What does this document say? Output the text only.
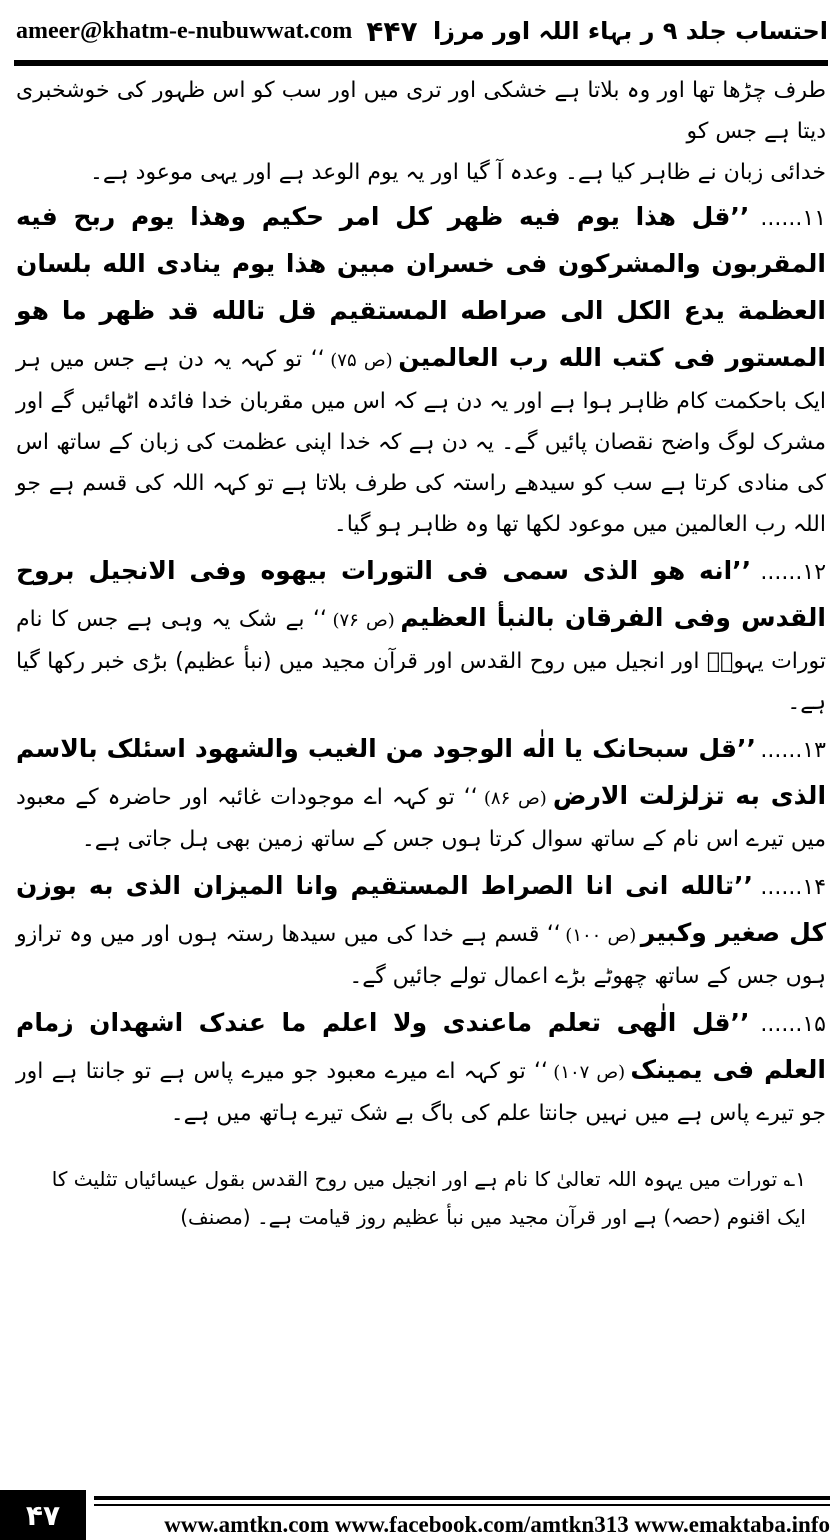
ameer@khatm-e-nubuwwat.com ۴۴۷ احتساب جلد ۹ ر بہاء اللہ اور مرزا

طرف چڑھا تھا اور وہ بلاتا ہے خشکی اور تری میں اور سب کو اس ظہور کی خوشخبری دیتا ہے جس کو

خدائی زبان نے ظاہر کیا ہے۔ وعدہ آ گیا اور یہ یوم الوعد ہے اور یہی موعود ہے۔

۱۱...... ’’قل هذا يوم فيه ظهر كل امر حكيم وهذا يوم ربح فيه المقربون والمشركون فى خسران مبين هذا يوم ينادى الله بلسان العظمة يدع الكل الى صراطه المستقيم قل تالله قد ظهر ما هو المستور فى كتب الله رب العالمين (ص ۷۵) ‘‘ تو کہہ یہ دن ہے جس میں ہر ایک باحکمت کام ظاہر ہوا ہے اور یہ دن ہے کہ اس میں مقربان خدا فائدہ اٹھائیں گے اور مشرک لوگ واضح نقصان پائیں گے۔ یہ دن ہے کہ خدا اپنی عظمت کی زبان کے ساتھ اس کی منادی کرتا ہے سب کو سیدھے راستہ کی طرف بلاتا ہے تو کہہ اللہ کی قسم ہے جو اللہ رب العالمین میں موعود لکھا تھا وہ ظاہر ہو گیا۔
۱۲...... ’’انه هو الذى سمى فى التورات بيهوه وفى الانجيل بروح القدس وفى الفرقان بالنبأ العظيم (ص ۷۶) ‘‘ بے شک یہ وہی ہے جس کا نام تورات یہوہؔ اور انجیل میں روح القدس اور قرآن مجید میں (نبأ عظیم) بڑی خبر رکھا گیا ہے۔
۱۳...... ’’قل سبحانک یا الٰه الوجود من الغیب والشهود اسئلک بالاسم الذی به تزلزلت الارض (ص ۸۶) ‘‘ تو کہہ اے موجودات غائبہ اور حاضرہ کے معبود میں تیرے اس نام کے ساتھ سوال کرتا ہوں جس کے ساتھ زمین بھی ہل جاتی ہے۔
۱۴...... ’’تالله انی انا الصراط المستقیم وانا المیزان الذی به بوزن کل صغیر وکبیر (ص ۱۰۰) ‘‘ قسم ہے خدا کی میں سیدھا رستہ ہوں اور میں وہ ترازو ہوں جس کے ساتھ چھوٹے بڑے اعمال تولے جائیں گے۔
۱۵...... ’’قل الٰهی تعلم ماعندی ولا اعلم ما عندک اشهدان زمام العلم فی یمینک (ص ۱۰۷) ‘‘ تو کہہ اے میرے معبود جو میرے پاس ہے تو جانتا ہے اور جو تیرے پاس ہے میں نہیں جانتا علم کی باگ بے شک تیرے ہاتھ میں ہے۔

۱؎ تورات میں یہوہ اللہ تعالیٰ کا نام ہے اور انجیل میں روح القدس بقول عیسائیاں تثلیث کا

ایک اقنوم (حصہ) ہے اور قرآن مجید میں نبأ عظیم روز قیامت ہے۔ (مصنف)

۴۷	www.amtkn.com www.facebook.com/amtkn313 www.emaktaba.info
